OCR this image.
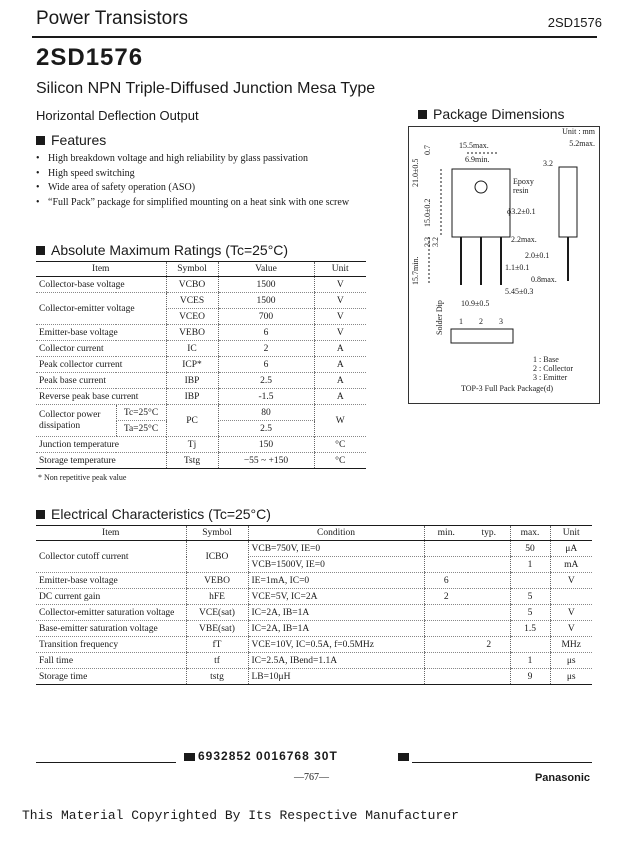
Power Transistors	2SD1576
2SD1576
Silicon NPN Triple-Diffused Junction Mesa Type
Horizontal Deflection Output
Features
• High breakdown voltage and high reliability by glass passivation
• High speed switching
• Wide area of safety operation (ASO)
• “Full Pack” package for simplified mounting on a heat sink with one screw
Absolute Maximum Ratings (Tc=25°C)
Item		Symbol	Value	Unit
Collector-base voltage		VCBO	1500	V
Collector-emitter voltage		VCES	1500	V
		VCEO	700	V
Emitter-base voltage		VEBO	6	V
Collector current		IC	2	A
Peak collector current		ICP*	6	A
Peak base current		IBP	2.5	A
Reverse peak base current		IBP	-1.5	A
Collector power dissipation	Tc=25°C	PC	80	W
	Ta=25°C		2.5	
Junction temperature		Tj	150	°C
Storage temperature		Tstg	−55 ~ +150	°C
* Non repetitive peak value
Package Dimensions
Unit : mm
5.2max.
15.5max.
6.9min.	3.2
Epoxy resin
ϕ3.2±0.1
2.2max.
2.0±0.1
1.1±0.1
0.8max.
5.45±0.3
10.9±0.5
21.0±0.5
15.0±0.2
15.7min.
3.3 3.2
0.7
Solder Dip 1 2 3
1 : Base
2 : Collector
3 : Emitter
TOP-3 Full Pack Package(d)
Electrical Characteristics (Tc=25°C)
Item	Symbol	Condition	min.	typ.	max.	Unit
Collector cutoff current	ICBO	VCB=750V, IE=0			50	μA
		VCB=1500V, IE=0			1	mA
Emitter-base voltage	VEBO	IE=1mA, IC=0	6			V
DC current gain	hFE	VCE=5V, IC=2A	2		5	
Collector-emitter saturation voltage	VCE(sat)	IC=2A, IB=1A			5	V
Base-emitter saturation voltage	VBE(sat)	IC=2A, IB=1A			1.5	V
Transition frequency	fT	VCE=10V, IC=0.5A, f=0.5MHz		2		MHz
Fall time	tf	IC=2.5A, IBend=1.1A			1	μs
Storage time	tstg	LB=10μH			9	μs
6932852 0016768 30T
—767—	Panasonic
This Material Copyrighted By Its Respective Manufacturer
